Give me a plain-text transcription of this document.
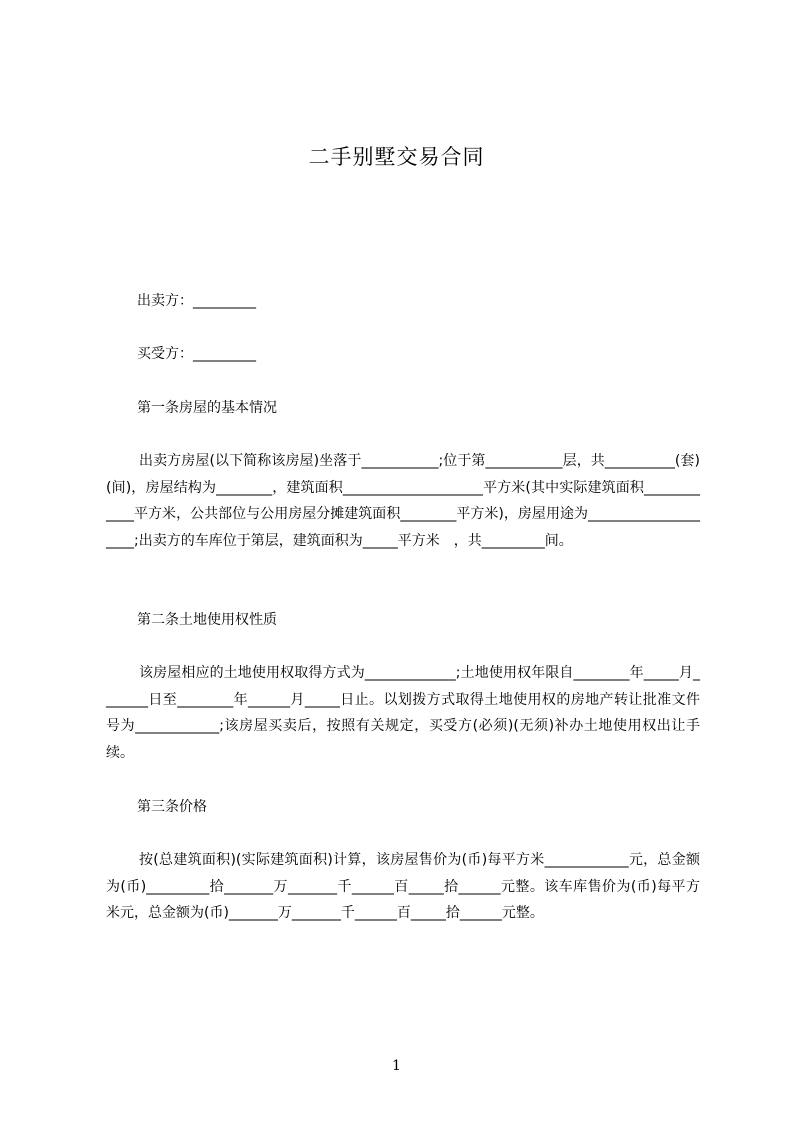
二手别墅交易合同

出卖方：_________

买受方：_________

第一条房屋的基本情况

出卖方房屋(以下简称该房屋)坐落于___________;位于第___________层，共__________(套)(间)，房屋结构为________，建筑面积____________________平方米(其中实际建筑面积____________平方米，公共部位与公用房屋分摊建筑面积________平方米)，房屋用途为____________________;出卖方的车库位于第层，建筑面积为_____平方米　，共_________间。

第二条土地使用权性质

该房屋相应的土地使用权取得方式为_____________;土地使用权年限自________年_____月_______日至________年______月_____日止。以划拨方式取得土地使用权的房地产转让批准文件号为____________;该房屋买卖后，按照有关规定，买受方(必须)(无须)补办土地使用权出让手续。

第三条价格

按(总建筑面积)(实际建筑面积)计算，该房屋售价为(币)每平方米____________元，总金额为(币)_________拾_______万_______千______百_____拾______元整。该车库售价为(币)每平方米元，总金额为(币)_______万_______千______百_____拾______元整。

1
